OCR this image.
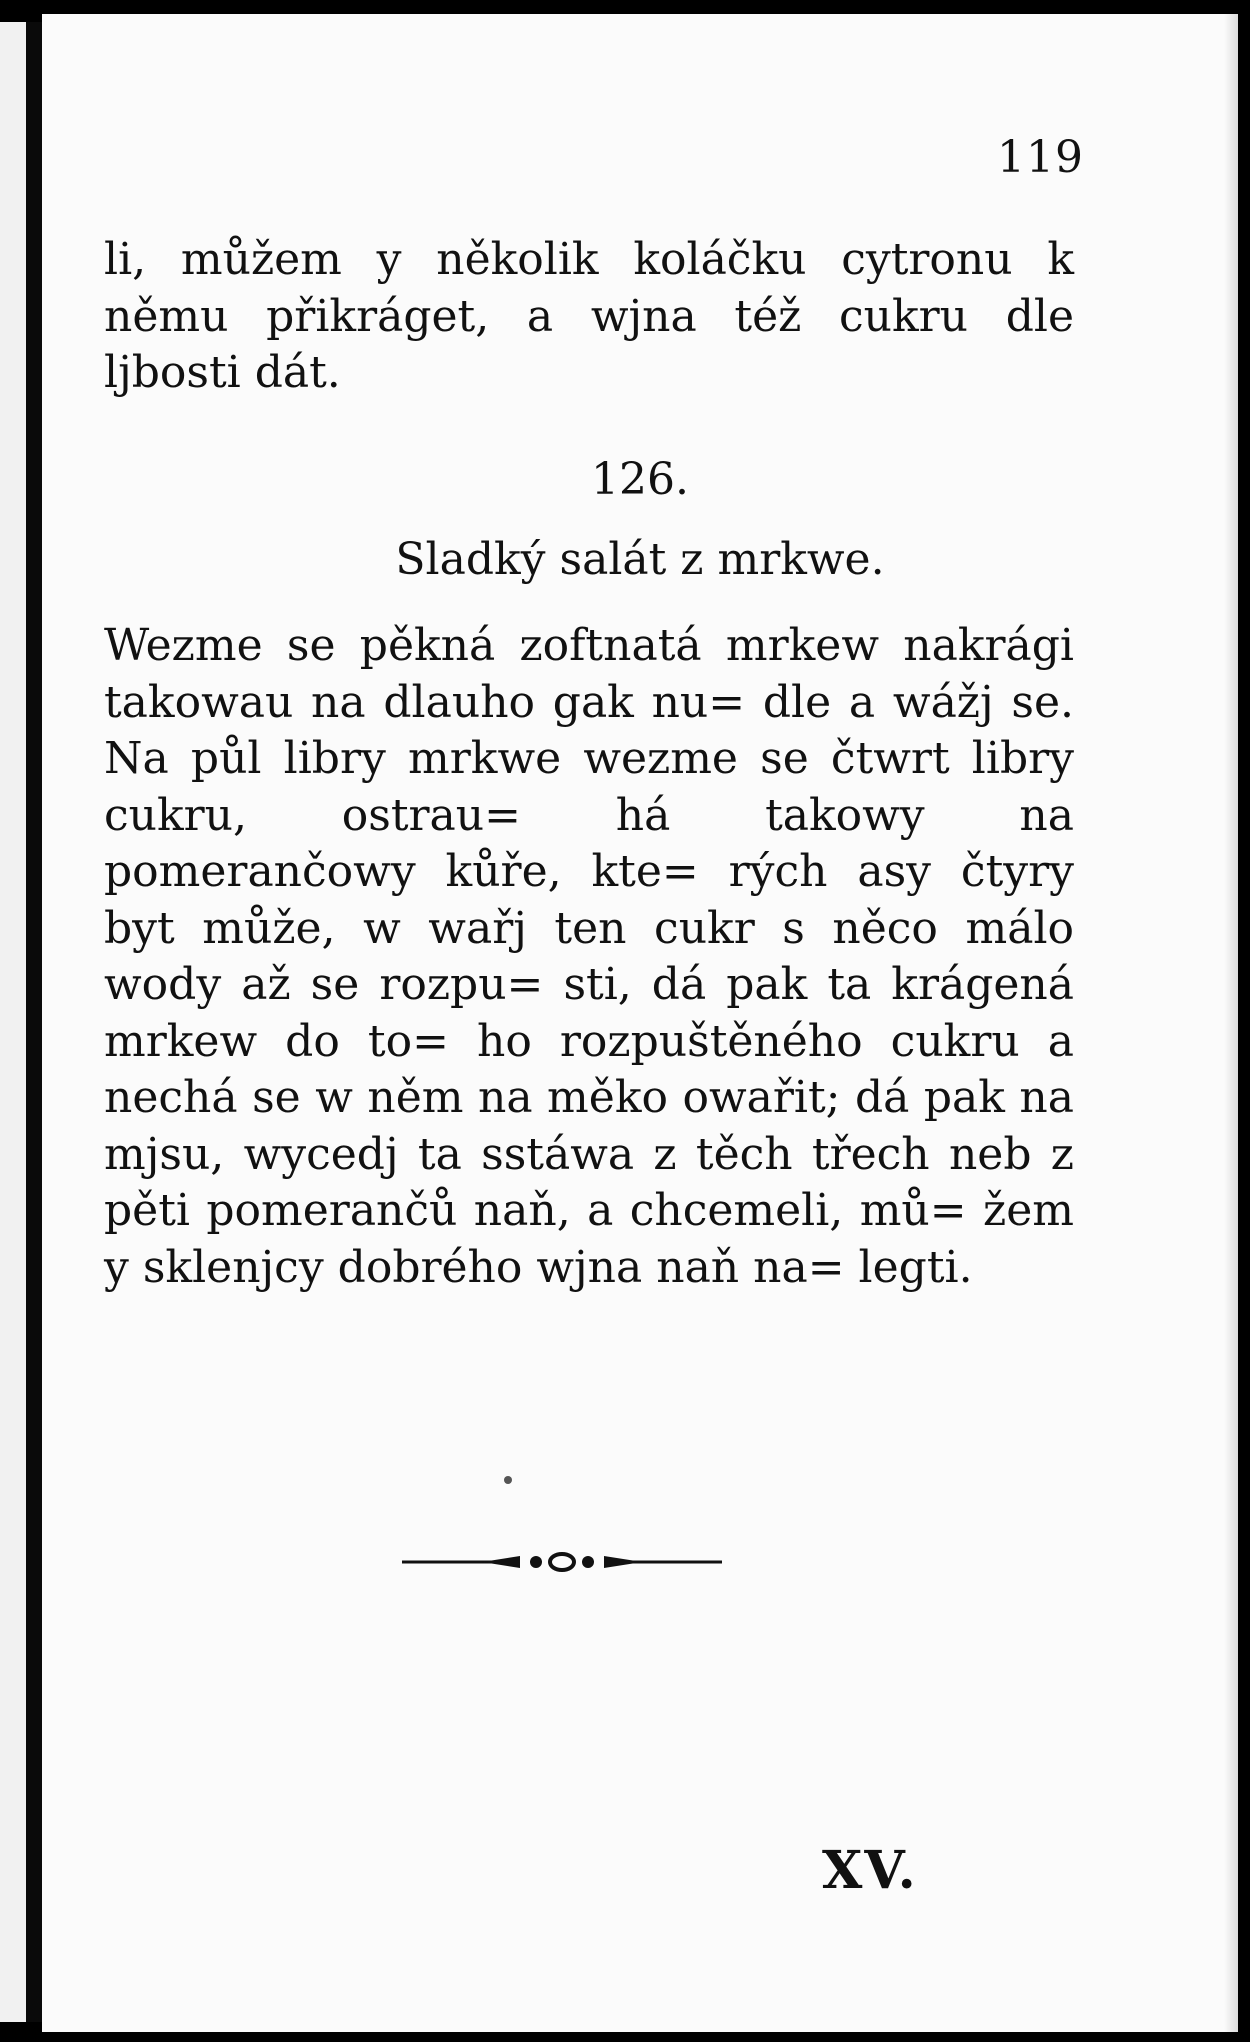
119

li, můžem y několik koláčku cytronu k němu přikráget, a wjna též cukru dle ljbosti dát.

126.
Sladký salát z mrkwe.

Wezme se pěkná zoftnatá mrkew nakrági takowau na dlauho gak nu= dle a wážj se. Na půl libry mrkwe wezme se čtwrt libry cukru, ostrau= há takowy na pomerančowy kůře, kte= rých asy čtyry byt může, w wařj ten cukr s něco málo wody až se rozpu= sti, dá pak ta krágená mrkew do to= ho rozpuštěného cukru a nechá se w něm na měko owařit; dá pak na mjsu, wycedj ta sstáwa z těch třech neb z pěti pomerančů naň, a chcemeli, mů= žem y sklenjcy dobrého wjna naň na= legti.

XV.
